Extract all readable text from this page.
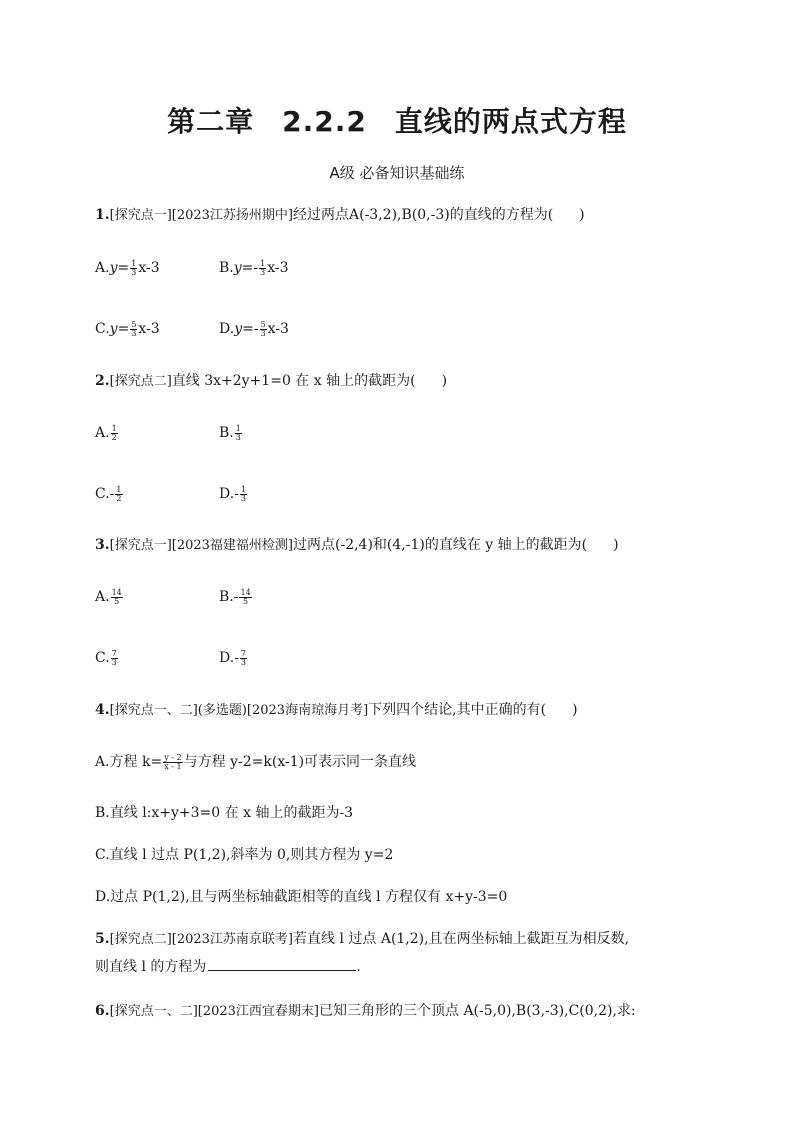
第二章 2.2.2 直线的两点式方程
A级 必备知识基础练
1.[探究点一][2023江苏扬州期中]经过两点A(-3,2),B(0,-3)的直线的方程为( )
$A.y= \frac{1}{3} x-3$	$B.y=- \frac{1}{3} x-3$
$C.y= \frac{5}{3} x-3$	$D.y=- \frac{5}{3} x-3$
2.[探究点二]直线 3x+2y+1=0 在 x 轴上的截距为( )
A. $\frac{1}{2}$	B. $\frac{1}{3}$
$C.- \frac{1}{2}$	$D.- \frac{1}{3}$
3.[探究点一][2023福建福州检测]过两点(-2,4)和(4,-1)的直线在 y 轴上的截距为( )
A. $\frac{14}{5}$	$B.- \frac{14}{5}$
C. $\frac{7}{3}$	$D.- \frac{7}{3}$
4.[探究点一、二](多选题)[2023海南琼海月考]下列四个结论,其中正确的有( )
A.方程 $k= \frac{y - 2}{x - 1}$ 与方程 y-2=k(x-1)可表示同一条直线
B.直线 l:x+y+3=0 在 x 轴上的截距为-3
C.直线 l 过点 P(1,2),斜率为 0,则其方程为 y=2
D.过点 P(1,2),且与两坐标轴截距相等的直线 l 方程仅有 x+y-3=0
5.[探究点二][2023江苏南京联考]若直线 l 过点 A(1,2),且在两坐标轴上截距互为相反数,
则直线 l 的方程为	.
6.[探究点一、二][2023江西宜春期末]已知三角形的三个顶点 A(-5,0),B(3,-3),C(0,2),求:
